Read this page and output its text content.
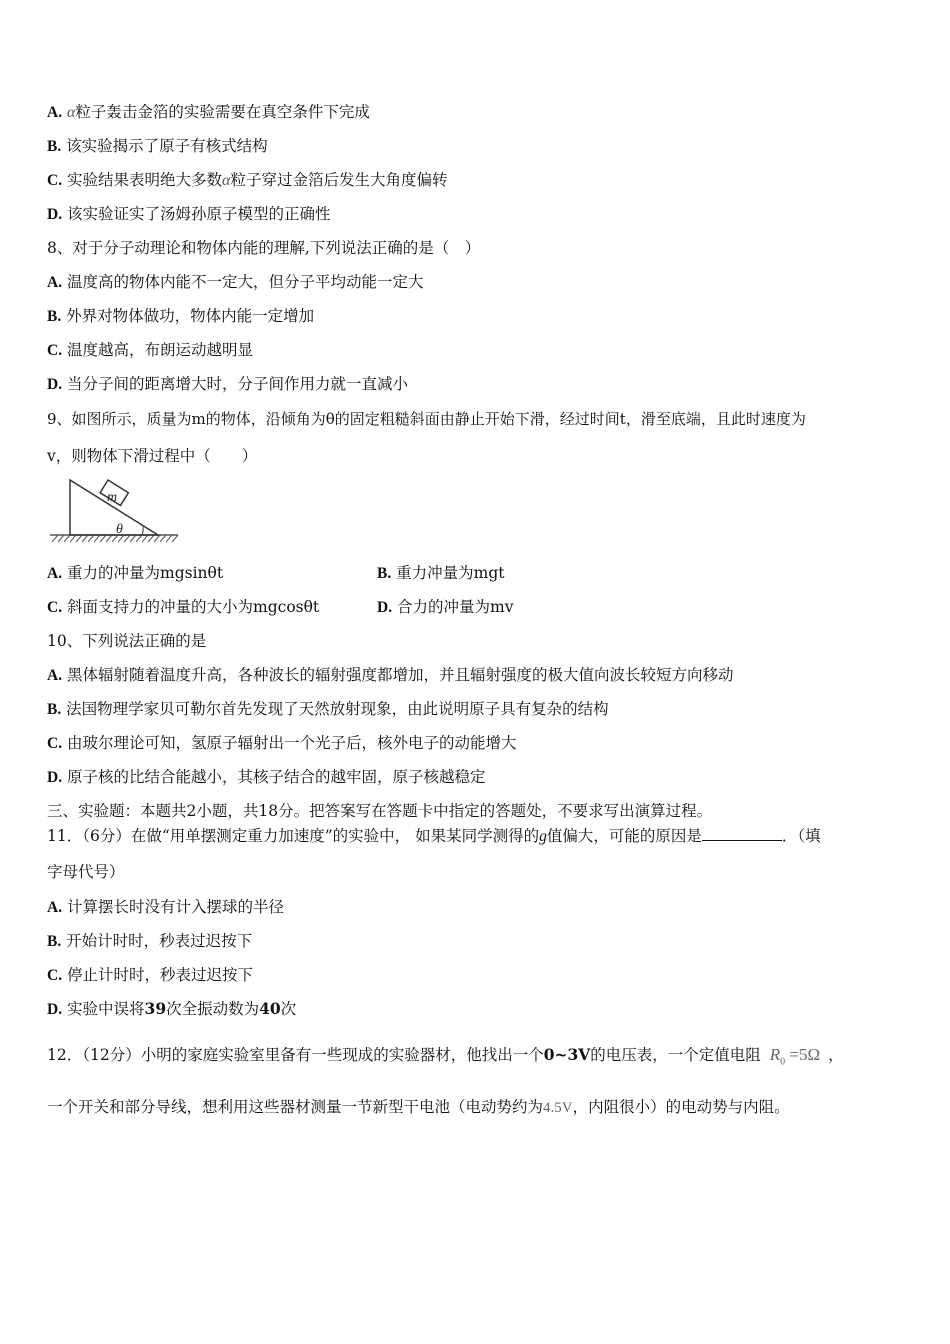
A. α粒子轰击金箔的实验需要在真空条件下完成
B. 该实验揭示了原子有核式结构
C. 实验结果表明绝大多数α粒子穿过金箔后发生大角度偏转
D. 该实验证实了汤姆孙原子模型的正确性
8、对于分子动理论和物体内能的理解,下列说法正确的是（　）
A. 温度高的物体内能不一定大，但分子平均动能一定大
B. 外界对物体做功，物体内能一定增加
C. 温度越高，布朗运动越明显
D. 当分子间的距离增大时，分子间作用力就一直减小
9、如图所示，质量为m的物体，沿倾角为θ的固定粗糙斜面由静止开始下滑，经过时间t，滑至底端，且此时速度为
v，则物体下滑过程中（　　）
m
θ
A. 重力的冲量为mgsinθt	B. 重力冲量为mgt
C. 斜面支持力的冲量的大小为mgcosθt	D. 合力的冲量为mv
10、下列说法正确的是
A. 黑体辐射随着温度升高，各种波长的辐射强度都增加，并且辐射强度的极大值向波长较短方向移动
B. 法国物理学家贝可勒尔首先发现了天然放射现象，由此说明原子具有复杂的结构
C. 由玻尔理论可知，氢原子辐射出一个光子后，核外电子的动能增大
D. 原子核的比结合能越小，其核子结合的越牢固，原子核越稳定
三、实验题：本题共2小题，共18分。把答案写在答题卡中指定的答题处，不要求写出演算过程。
11．（6分）在做“用单摆测定重力加速度”的实验中， 如果某同学测得的g值偏大，可能的原因是	．（填
字母代号）
A. 计算摆长时没有计入摆球的半径
B. 开始计时时，秒表过迟按下
C. 停止计时时，秒表过迟按下
D. 实验中误将39次全振动数为40次
12．（12分）小明的家庭实验室里备有一些现成的实验器材，他找出一个0~3V的电压表，一个定值电阻 $R_0 =5\Omega$ ，
一个开关和部分导线，想利用这些器材测量一节新型干电池（电动势约为4.5V，内阻很小）的电动势与内阻。
